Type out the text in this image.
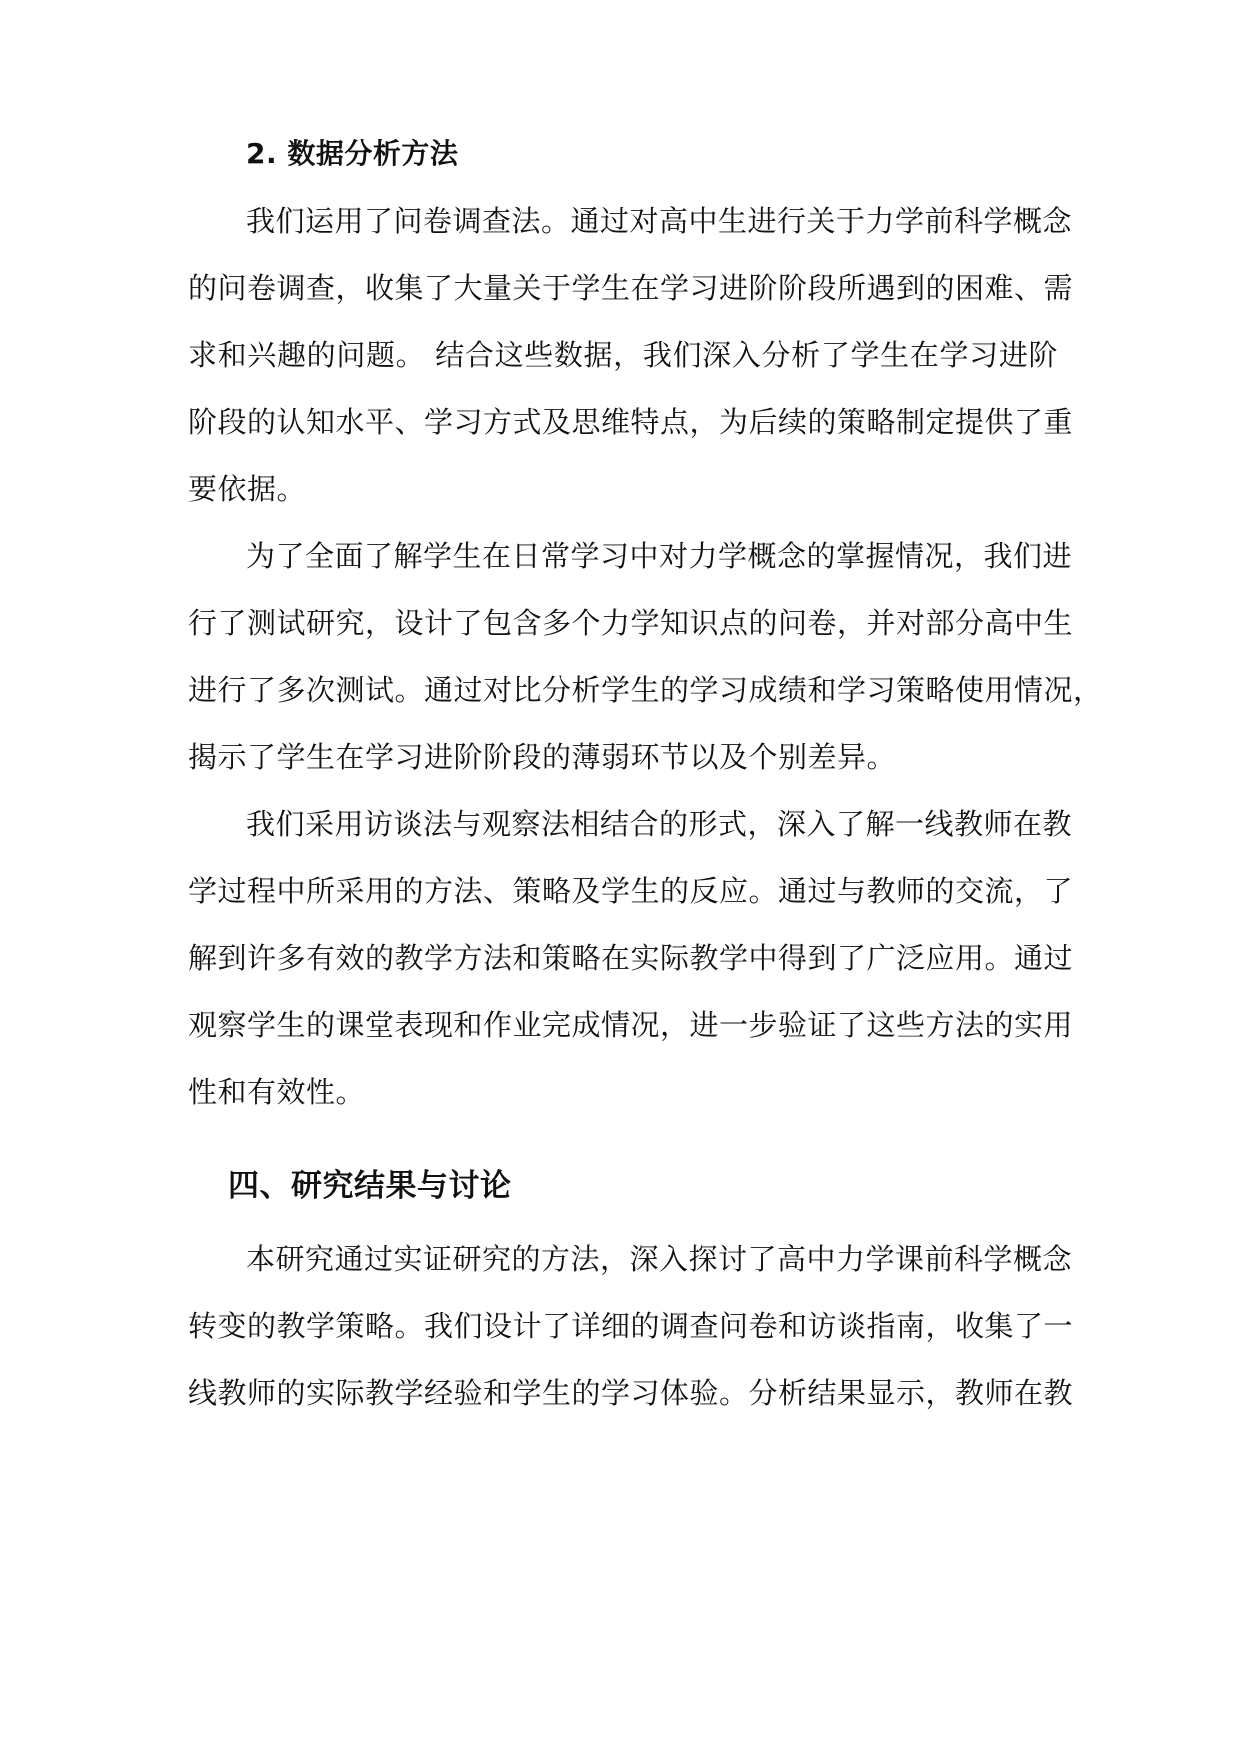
2. 数据分析方法
我们运用了问卷调查法。通过对高中生进行关于力学前科学概念
的问卷调查，收集了大量关于学生在学习进阶阶段所遇到的困难、需
求和兴趣的问题。 结合这些数据，我们深入分析了学生在学习进阶
阶段的认知水平、学习方式及思维特点，为后续的策略制定提供了重
要依据。
为了全面了解学生在日常学习中对力学概念的掌握情况，我们进
行了测试研究，设计了包含多个力学知识点的问卷，并对部分高中生
进行了多次测试。通过对比分析学生的学习成绩和学习策略使用情况，
揭示了学生在学习进阶阶段的薄弱环节以及个别差异。
我们采用访谈法与观察法相结合的形式，深入了解一线教师在教
学过程中所采用的方法、策略及学生的反应。通过与教师的交流，了
解到许多有效的教学方法和策略在实际教学中得到了广泛应用。通过
观察学生的课堂表现和作业完成情况，进一步验证了这些方法的实用
性和有效性。
四、研究结果与讨论
本研究通过实证研究的方法，深入探讨了高中力学课前科学概念
转变的教学策略。我们设计了详细的调查问卷和访谈指南，收集了一
线教师的实际教学经验和学生的学习体验。分析结果显示，教师在教
